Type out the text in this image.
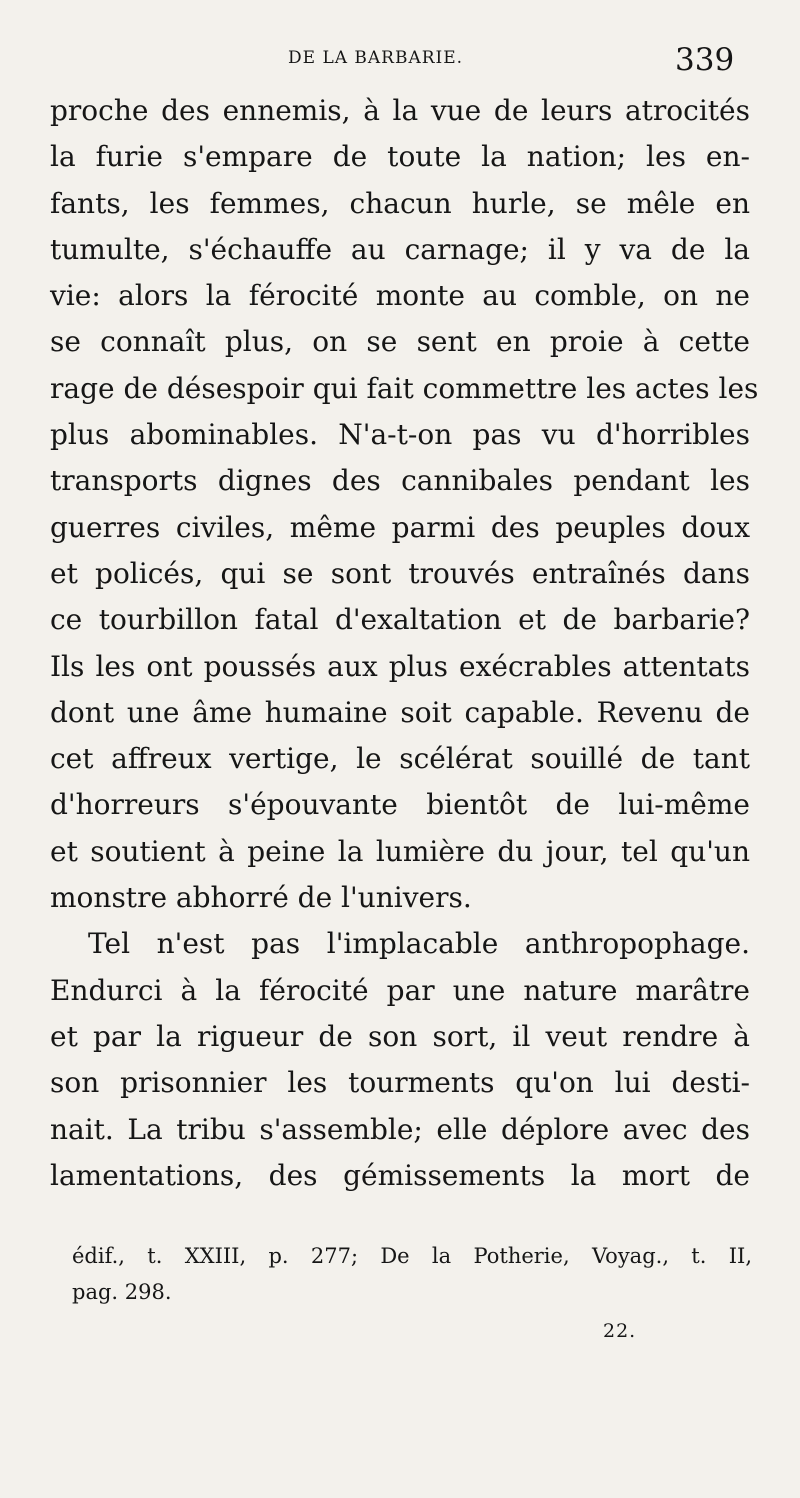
DE LA BARBARIE.	339
proche des ennemis, à la vue de leurs atrocités
la furie s'empare de toute la nation; les en-
fants, les femmes, chacun hurle, se mêle en
tumulte, s'échauffe au carnage; il y va de la
vie: alors la férocité monte au comble, on ne
se connaît plus, on se sent en proie à cette
rage de désespoir qui fait commettre les actes les
plus abominables. N'a-t-on pas vu d'horribles
transports dignes des cannibales pendant les
guerres civiles, même parmi des peuples doux
et policés, qui se sont trouvés entraînés dans
ce tourbillon fatal d'exaltation et de barbarie?
Ils les ont poussés aux plus exécrables attentats
dont une âme humaine soit capable. Revenu de
cet affreux vertige, le scélérat souillé de tant
d'horreurs s'épouvante bientôt de lui-même
et soutient à peine la lumière du jour, tel qu'un
monstre abhorré de l'univers.
Tel n'est pas l'implacable anthropophage.
Endurci à la férocité par une nature marâtre
et par la rigueur de son sort, il veut rendre à
son prisonnier les tourments qu'on lui desti-
nait. La tribu s'assemble; elle déplore avec des
lamentations, des gémissements la mort de
édif., t. XXIII, p. 277; De la Potherie, Voyag., t. II,
pag. 298.
22.
